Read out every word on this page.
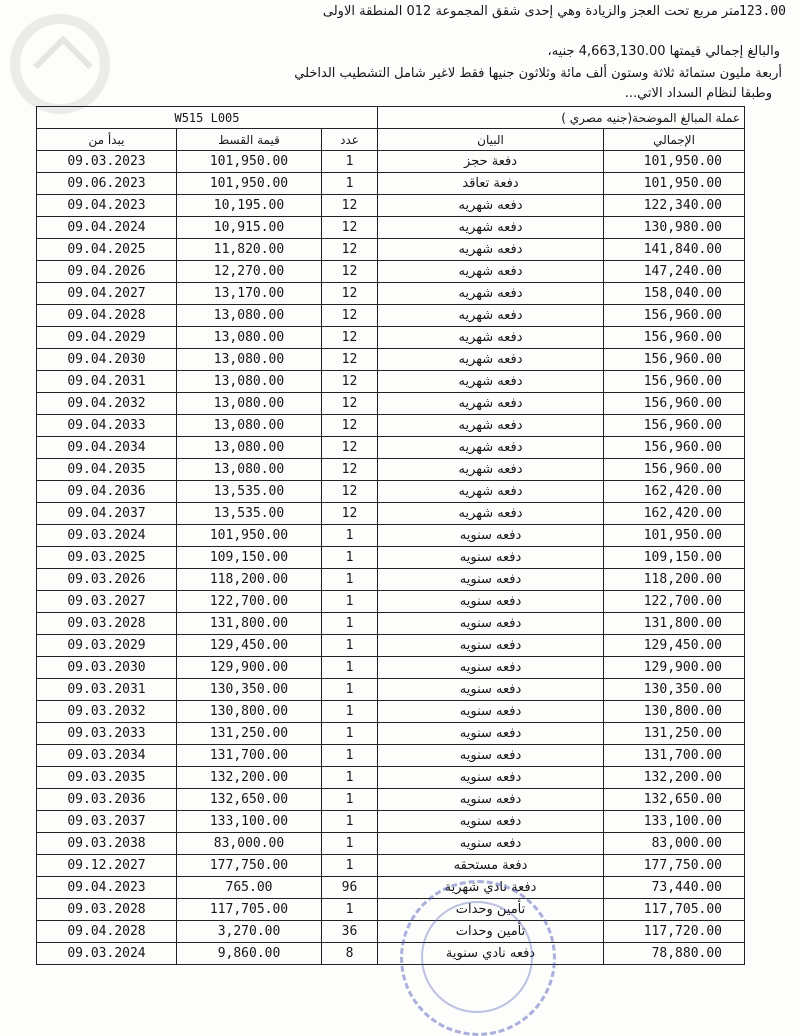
123.00
متر مربع تحت العجز والزيادة وهي إحدى شقق المجموعة 012 المنطقة الاولى
والبالغ إجمالي قيمتها 4,663,130.00 جنيه،
أربعة مليون ستمائة ثلاثة وستون ألف مائة وثلاثون جنيها فقط لاغير شامل التشطيب الداخلي
وطبقا لنظام السداد الاتي...
W515 L005			عملة المبالغ الموضحة(جنيه مصري )	
يبدأ من	قيمة القسط	عدد	البيان	الإجمالي
09.03.2023	101,950.00	1	دفعة حجز	101,950.00
09.06.2023	101,950.00	1	دفعة تعاقد	101,950.00
09.04.2023	10,195.00	12	دفعه شهريه	122,340.00
09.04.2024	10,915.00	12	دفعه شهريه	130,980.00
09.04.2025	11,820.00	12	دفعه شهريه	141,840.00
09.04.2026	12,270.00	12	دفعه شهريه	147,240.00
09.04.2027	13,170.00	12	دفعه شهريه	158,040.00
09.04.2028	13,080.00	12	دفعه شهريه	156,960.00
09.04.2029	13,080.00	12	دفعه شهريه	156,960.00
09.04.2030	13,080.00	12	دفعه شهريه	156,960.00
09.04.2031	13,080.00	12	دفعه شهريه	156,960.00
09.04.2032	13,080.00	12	دفعه شهريه	156,960.00
09.04.2033	13,080.00	12	دفعه شهريه	156,960.00
09.04.2034	13,080.00	12	دفعه شهريه	156,960.00
09.04.2035	13,080.00	12	دفعه شهريه	156,960.00
09.04.2036	13,535.00	12	دفعه شهريه	162,420.00
09.04.2037	13,535.00	12	دفعه شهريه	162,420.00
09.03.2024	101,950.00	1	دفعه سنويه	101,950.00
09.03.2025	109,150.00	1	دفعه سنويه	109,150.00
09.03.2026	118,200.00	1	دفعه سنويه	118,200.00
09.03.2027	122,700.00	1	دفعه سنويه	122,700.00
09.03.2028	131,800.00	1	دفعه سنويه	131,800.00
09.03.2029	129,450.00	1	دفعه سنويه	129,450.00
09.03.2030	129,900.00	1	دفعه سنويه	129,900.00
09.03.2031	130,350.00	1	دفعه سنويه	130,350.00
09.03.2032	130,800.00	1	دفعه سنويه	130,800.00
09.03.2033	131,250.00	1	دفعه سنويه	131,250.00
09.03.2034	131,700.00	1	دفعه سنويه	131,700.00
09.03.2035	132,200.00	1	دفعه سنويه	132,200.00
09.03.2036	132,650.00	1	دفعه سنويه	132,650.00
09.03.2037	133,100.00	1	دفعه سنويه	133,100.00
09.03.2038	83,000.00	1	دفعه سنويه	83,000.00
09.12.2027	177,750.00	1	دفعة مستحقه	177,750.00
09.04.2023	765.00	96	دفعة نادي شهرية	73,440.00
09.03.2028	117,705.00	1	تأمين وحدات	117,705.00
09.04.2028	3,270.00	36	تأمين وحدات	117,720.00
09.03.2024	9,860.00	8	دفعه نادي سنوية	78,880.00
